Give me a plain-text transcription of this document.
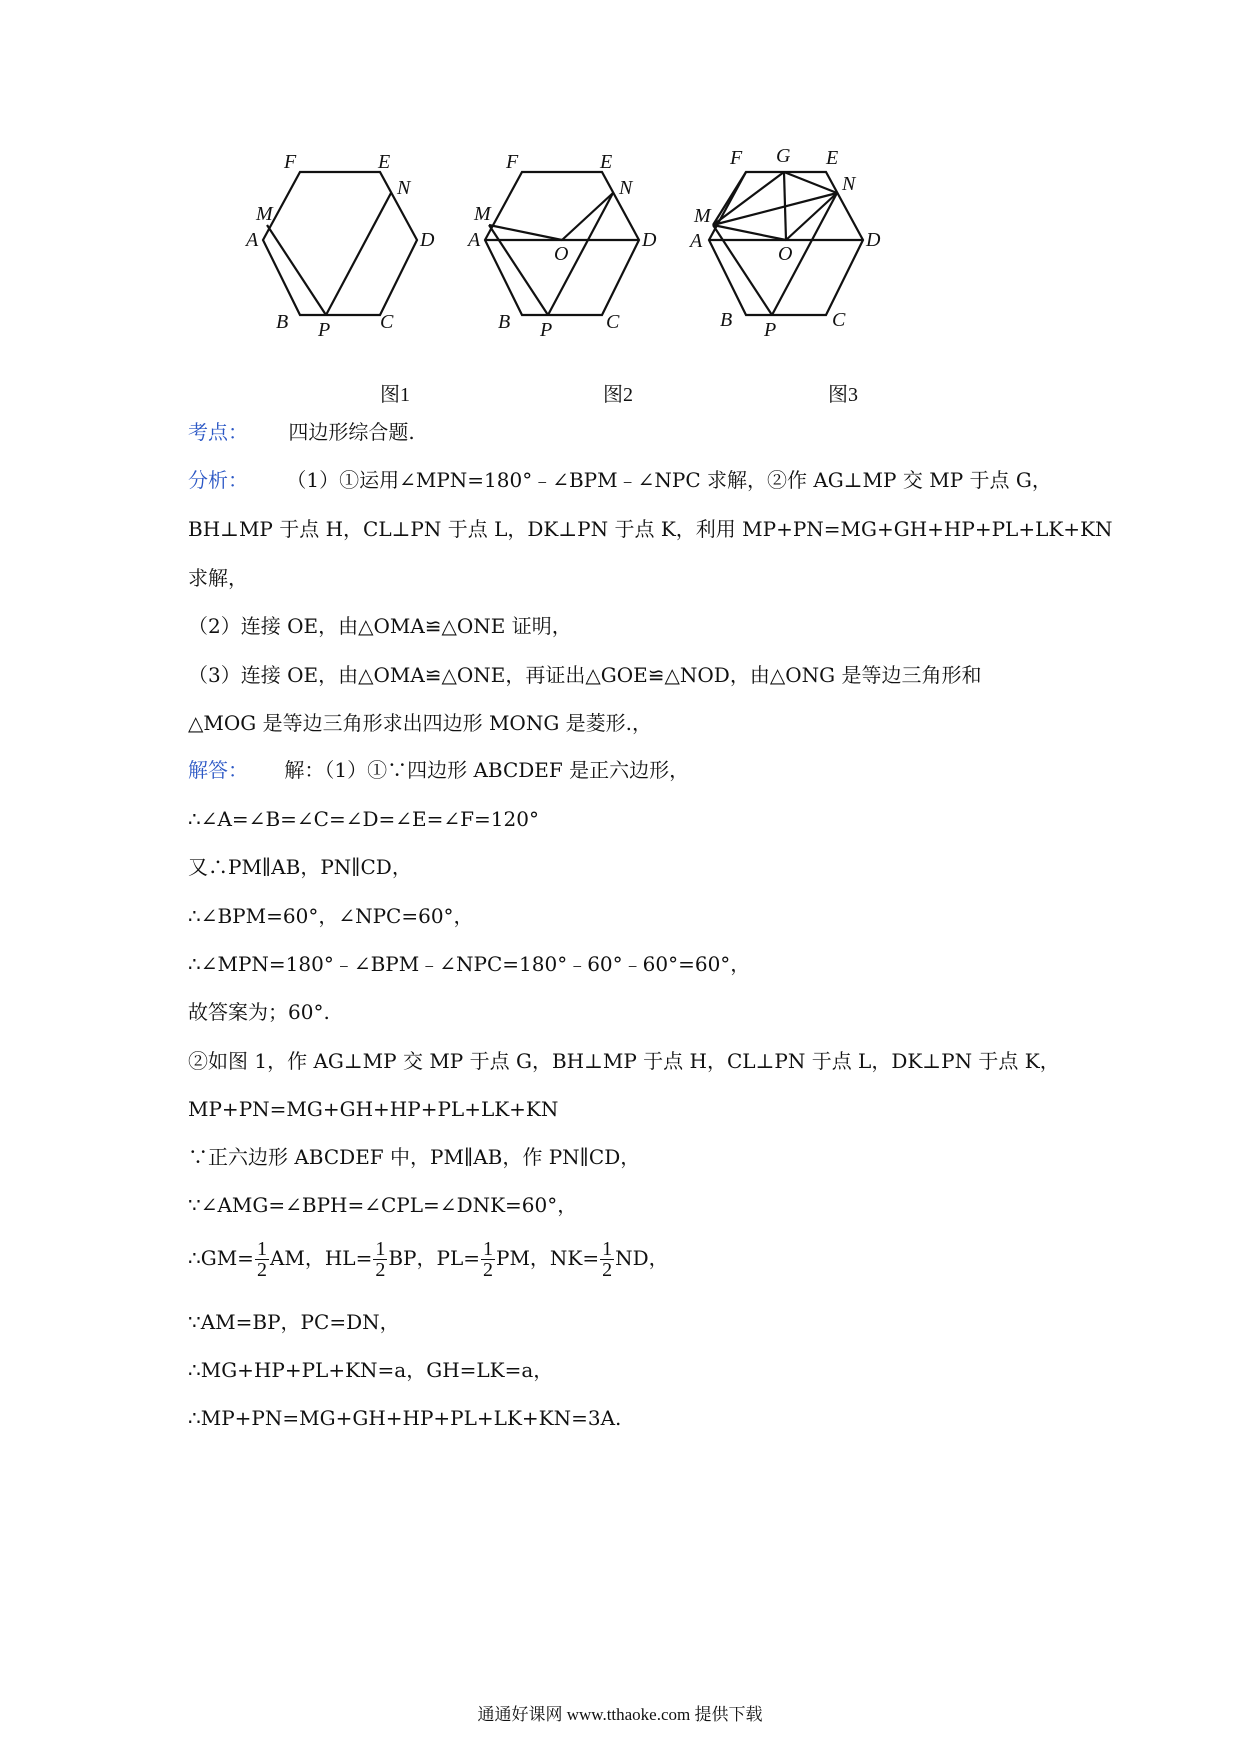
F	E
N
M
A	D
B P C
F	E
N
M
A
O
D
B P	C
F G E
N
M
A
O
D
B P	C
图1	图2	图3
考点： 四边形综合题.
分析： （1）①运用∠MPN=180°﹣∠BPM﹣∠NPC 求解，②作 AG⊥MP 交 MP 于点 G，
BH⊥MP 于点 H，CL⊥PN 于点 L，DK⊥PN 于点 K，利用 MP+PN=MG+GH+HP+PL+LK+KN
求解，
（2）连接 OE，由△OMA≌△ONE 证明，
（3）连接 OE，由△OMA≌△ONE，再证出△GOE≌△NOD，由△ONG 是等边三角形和
△MOG 是等边三角形求出四边形 MONG 是菱形.，
解答： 解：（1）①∵四边形 ABCDEF 是正六边形，
∴∠A=∠B=∠C=∠D=∠E=∠F=120°
又∴PM∥AB，PN∥CD，
∴∠BPM=60°，∠NPC=60°，
∴∠MPN=180°﹣∠BPM﹣∠NPC=180°﹣60°﹣60°=60°，
故答案为；60°.
②如图 1，作 AG⊥MP 交 MP 于点 G，BH⊥MP 于点 H，CL⊥PN 于点 L，DK⊥PN 于点 K，
MP+PN=MG+GH+HP+PL+LK+KN
∵正六边形 ABCDEF 中，PM∥AB，作 PN∥CD，
∵∠AMG=∠BPH=∠CPL=∠DNK=60°，
∴GM= $\frac{1}{2}$ AM，$HL= \frac{1}{2}$ BP，$PL= \frac{1}{2}$ PM，$NK= \frac{1}{2}$ ND，
∵AM=BP，PC=DN，
∴MG+HP+PL+KN=a，GH=LK=a，
∴MP+PN=MG+GH+HP+PL+LK+KN=3A.
通通好课网 www.tthaoke.com 提供下载
